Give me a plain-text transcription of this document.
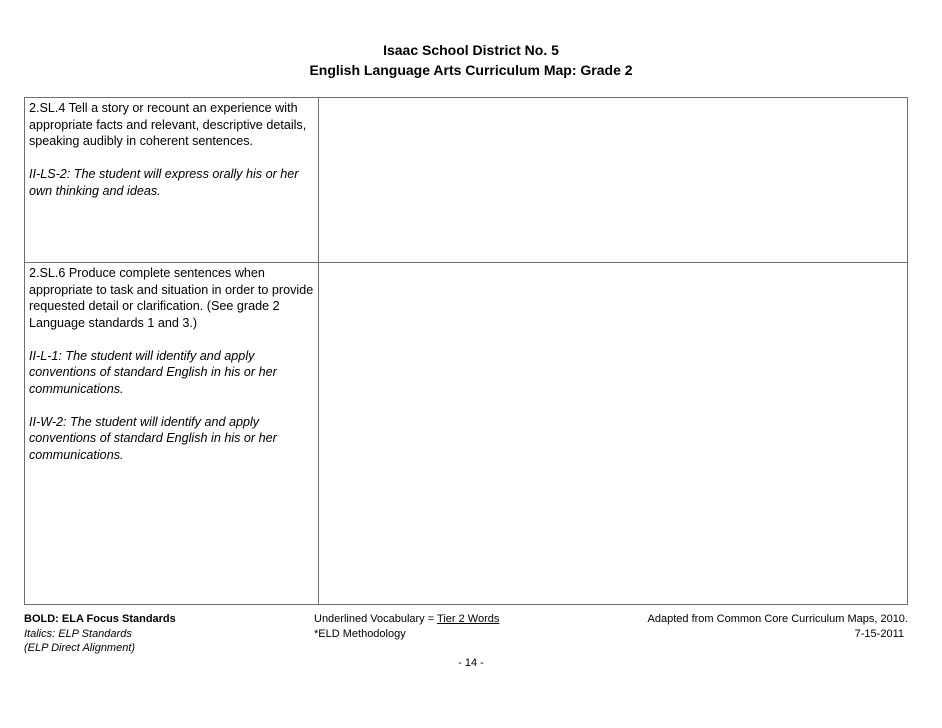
Isaac School District No. 5
English Language Arts Curriculum Map: Grade 2

2.SL.4 Tell a story or recount an experience with appropriate facts and relevant, descriptive details, speaking audibly in coherent sentences.

II-LS-2: The student will express orally his or her own thinking and ideas.

2.SL.6 Produce complete sentences when appropriate to task and situation in order to provide requested detail or clarification. (See grade 2 Language standards 1 and 3.)

II-L-1: The student will identify and apply conventions of standard English in his or her communications.

II-W-2: The student will identify and apply conventions of standard English in his or her communications.

BOLD: ELA Focus Standards
Italics: ELP Standards
(ELP Direct Alignment)
Underlined Vocabulary = Tier 2 Words
*ELD Methodology
Adapted from Common Core Curriculum Maps, 2010.
7-15-2011
- 14 -
